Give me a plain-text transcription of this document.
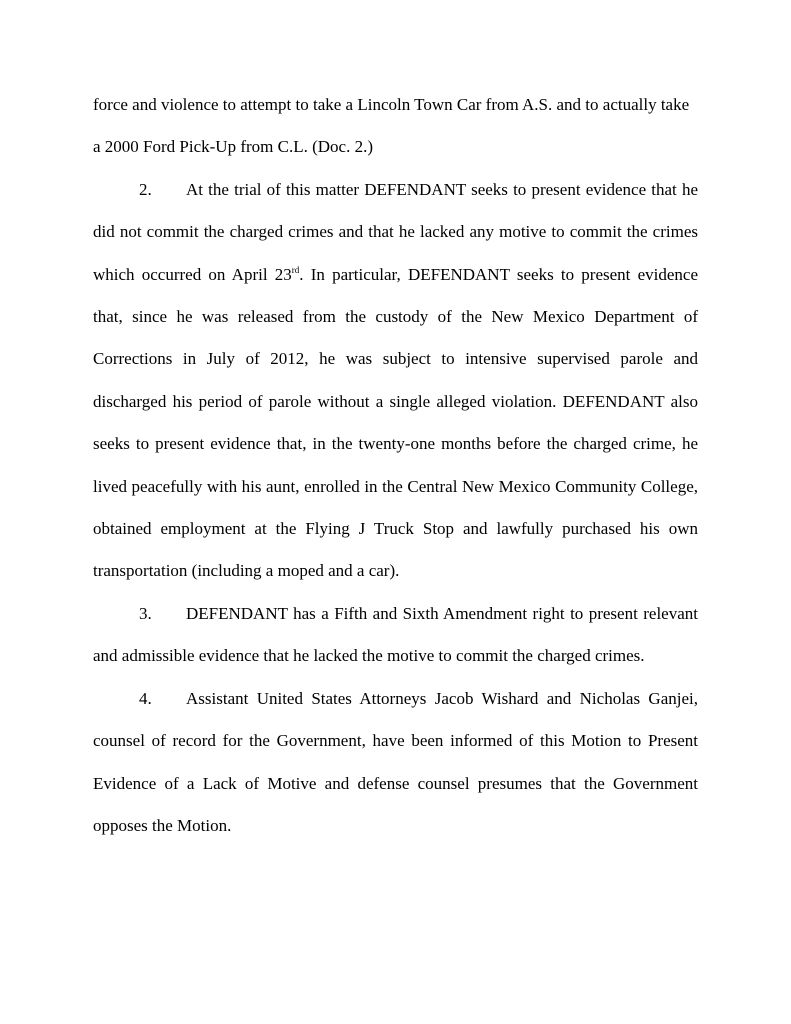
force and violence to attempt to take a Lincoln Town Car from A.S. and to actually take a 2000 Ford Pick-Up from C.L. (Doc. 2.)

2. At the trial of this matter DEFENDANT seeks to present evidence that he did not commit the charged crimes and that he lacked any motive to commit the crimes which occurred on April 23rd. In particular, DEFENDANT seeks to present evidence that, since he was released from the custody of the New Mexico Department of Corrections in July of 2012, he was subject to intensive supervised parole and discharged his period of parole without a single alleged violation. DEFENDANT also seeks to present evidence that, in the twenty-one months before the charged crime, he lived peacefully with his aunt, enrolled in the Central New Mexico Community College, obtained employment at the Flying J Truck Stop and lawfully purchased his own transportation (including a moped and a car).

3. DEFENDANT has a Fifth and Sixth Amendment right to present relevant and admissible evidence that he lacked the motive to commit the charged crimes.

4. Assistant United States Attorneys Jacob Wishard and Nicholas Ganjei, counsel of record for the Government, have been informed of this Motion to Present Evidence of a Lack of Motive and defense counsel presumes that the Government opposes the Motion.
